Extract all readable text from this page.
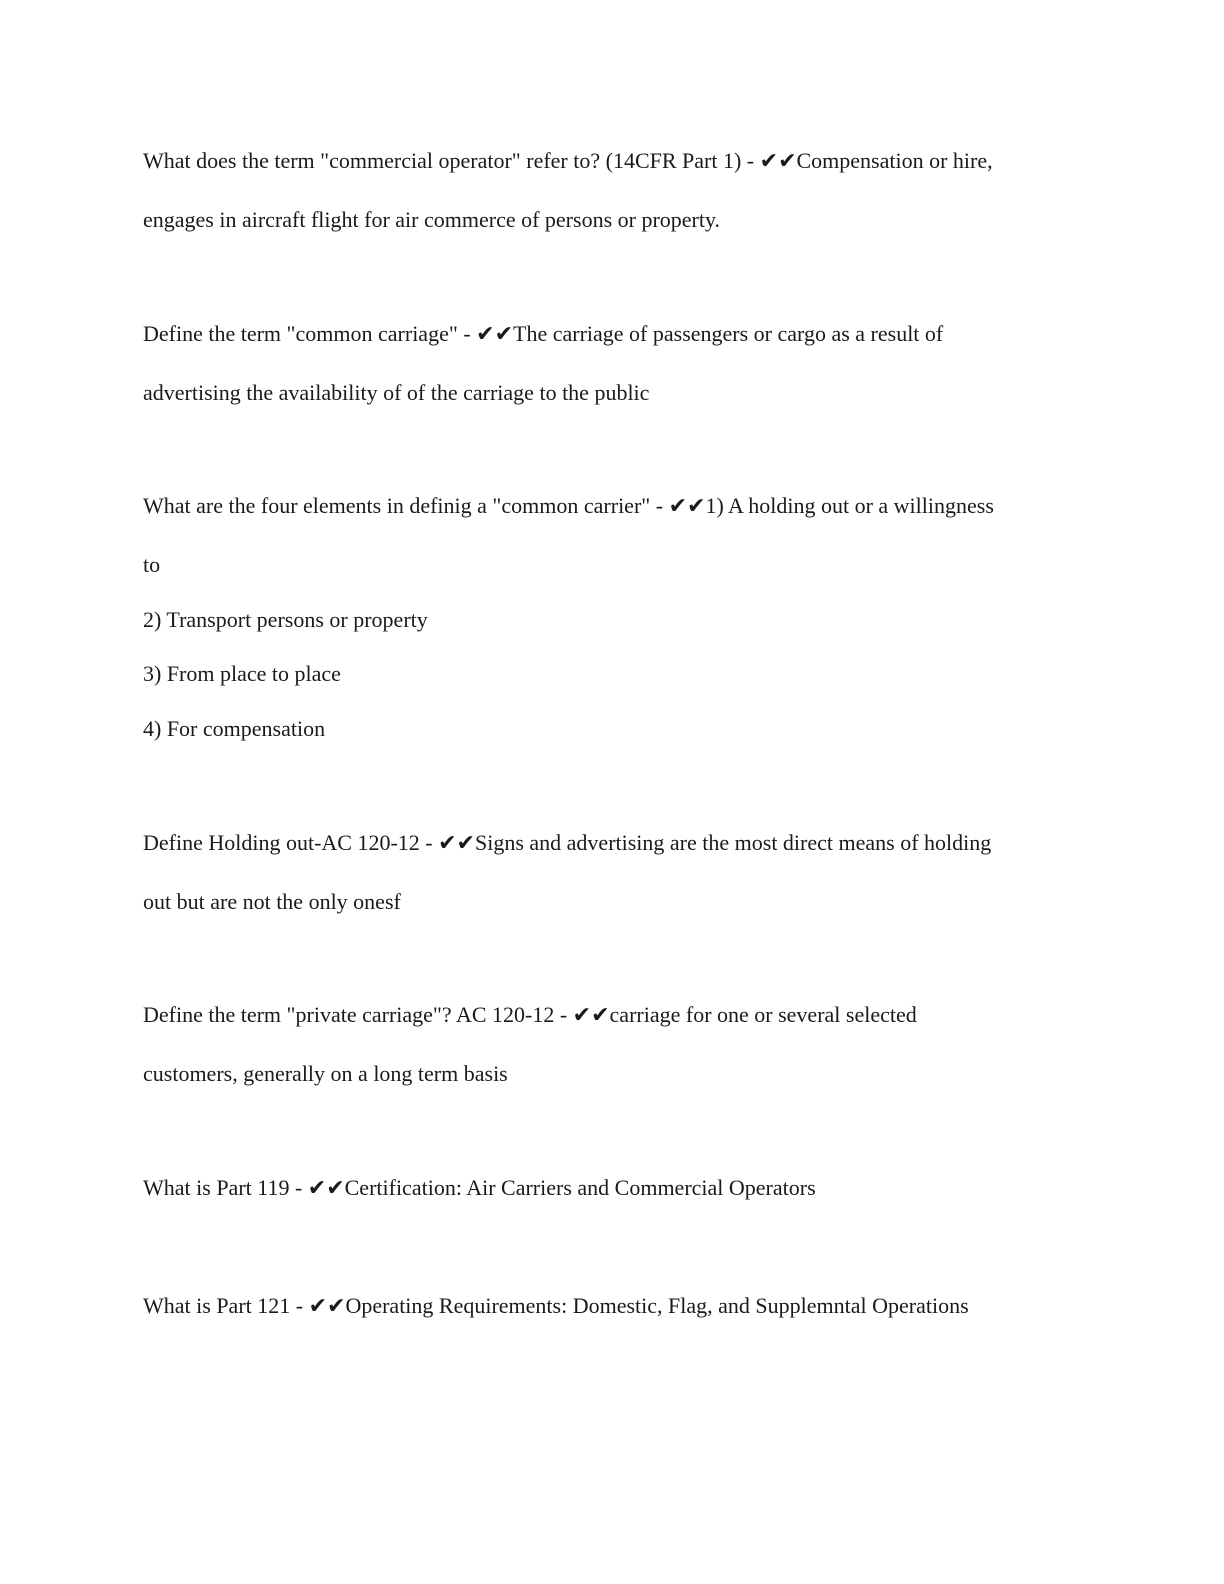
What does the term "commercial operator" refer to? (14CFR Part 1) - ✔✔Compensation or hire,

engages in aircraft flight for air commerce of persons or property.

Define the term "common carriage" - ✔✔The carriage of passengers or cargo as a result of

advertising the availability of of the carriage to the public

What are the four elements in definig a "common carrier" - ✔✔1) A holding out or a willingness

to

2) Transport persons or property

3) From place to place

4) For compensation

Define Holding out-AC 120-12 - ✔✔Signs and advertising are the most direct means of holding

out but are not the only onesf

Define the term "private carriage"? AC 120-12 - ✔✔carriage for one or several selected

customers, generally on a long term basis

What is Part 119 - ✔✔Certification: Air Carriers and Commercial Operators

What is Part 121 - ✔✔Operating Requirements: Domestic, Flag, and Supplemntal Operations
